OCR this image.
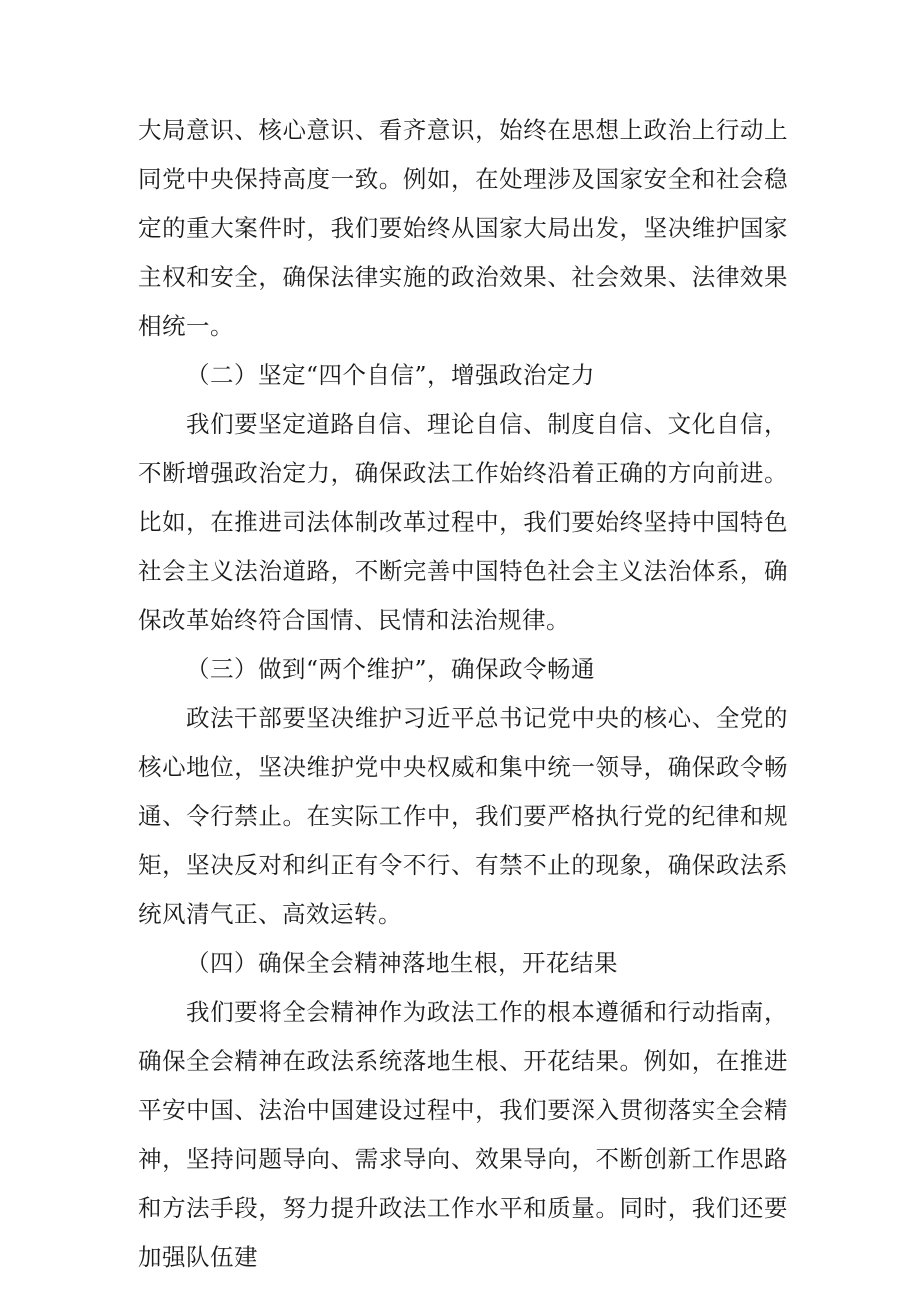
大局意识、核心意识、看齐意识，始终在思想上政治上行动上同党中央保持高度一致。例如，在处理涉及国家安全和社会稳定的重大案件时，我们要始终从国家大局出发，坚决维护国家主权和安全，确保法律实施的政治效果、社会效果、法律效果相统一。

（二）坚定“四个自信”，增强政治定力

我们要坚定道路自信、理论自信、制度自信、文化自信，不断增强政治定力，确保政法工作始终沿着正确的方向前进。比如，在推进司法体制改革过程中，我们要始终坚持中国特色社会主义法治道路，不断完善中国特色社会主义法治体系，确保改革始终符合国情、民情和法治规律。

（三）做到“两个维护”，确保政令畅通

政法干部要坚决维护习近平总书记党中央的核心、全党的核心地位，坚决维护党中央权威和集中统一领导，确保政令畅通、令行禁止。在实际工作中，我们要严格执行党的纪律和规矩，坚决反对和纠正有令不行、有禁不止的现象，确保政法系统风清气正、高效运转。

（四）确保全会精神落地生根，开花结果

我们要将全会精神作为政法工作的根本遵循和行动指南，确保全会精神在政法系统落地生根、开花结果。例如，在推进平安中国、法治中国建设过程中，我们要深入贯彻落实全会精神，坚持问题导向、需求导向、效果导向，不断创新工作思路和方法手段，努力提升政法工作水平和质量。同时，我们还要加强队伍建
